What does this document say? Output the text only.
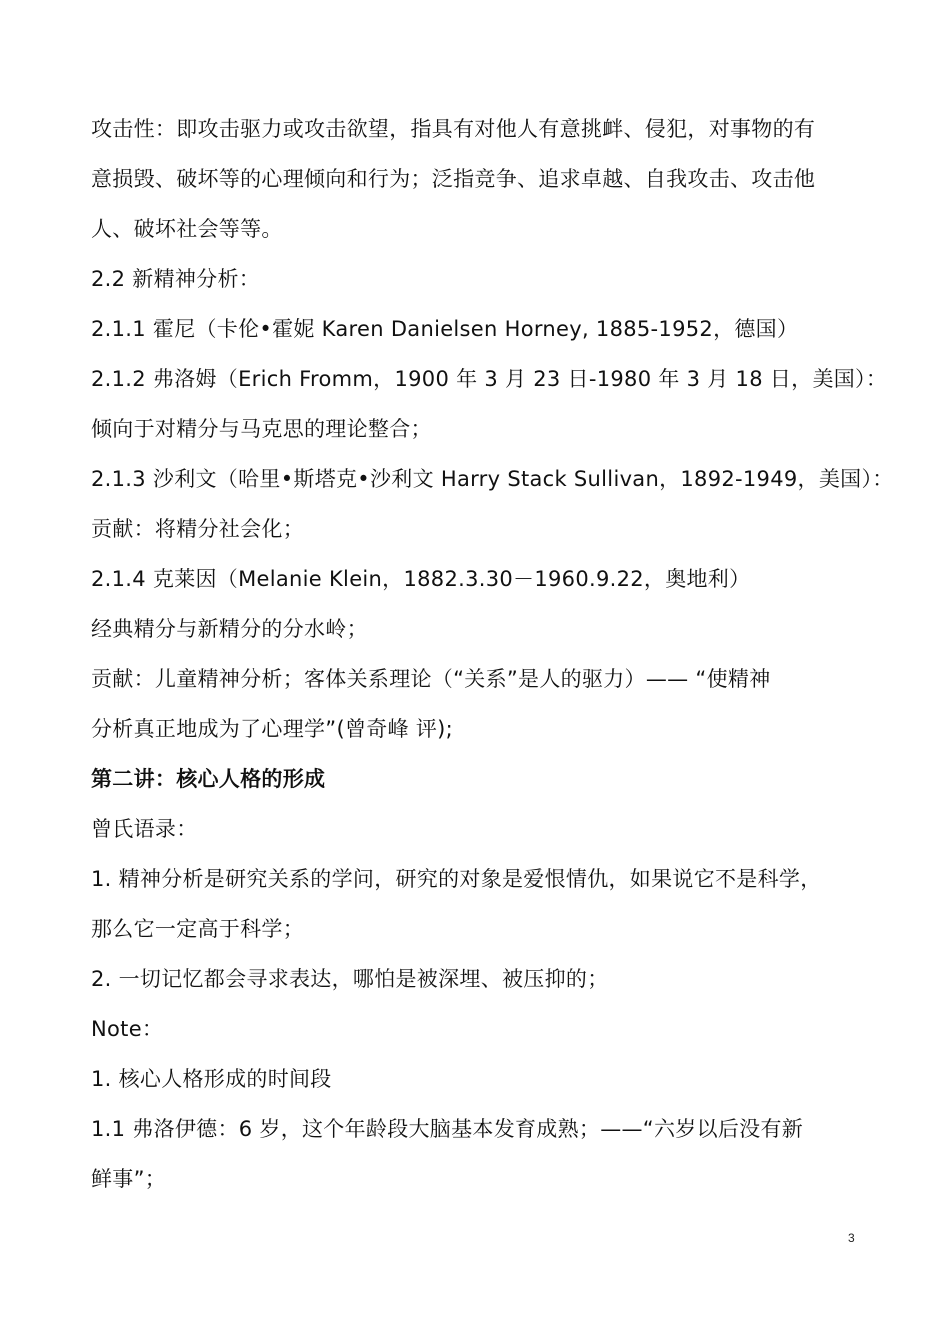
攻击性：即攻击驱力或攻击欲望，指具有对他人有意挑衅、侵犯，对事物的有
意损毁、破坏等的心理倾向和行为；泛指竞争、追求卓越、自我攻击、攻击他
人、破坏社会等等。
2.2 新精神分析：
2.1.1 霍尼（卡伦•霍妮 Karen Danielsen Horney, 1885-1952，德国）
2.1.2 弗洛姆（Erich Fromm，1900 年 3 月 23 日-1980 年 3 月 18 日，美国）：
倾向于对精分与马克思的理论整合；
2.1.3 沙利文（哈里•斯塔克•沙利文 Harry Stack Sullivan，1892-1949，美国）：
贡献：将精分社会化；
2.1.4 克莱因（Melanie Klein，1882.3.30－1960.9.22，奥地利）
经典精分与新精分的分水岭；
贡献：儿童精神分析；客体关系理论（“关系”是人的驱力）—— “使精神
分析真正地成为了心理学”(曾奇峰 评);
第二讲：核心人格的形成
曾氏语录：
1. 精神分析是研究关系的学问，研究的对象是爱恨情仇，如果说它不是科学，
那么它一定高于科学；
2. 一切记忆都会寻求表达，哪怕是被深埋、被压抑的；
Note：
1. 核心人格形成的时间段
1.1 弗洛伊德：6 岁，这个年龄段大脑基本发育成熟；——“六岁以后没有新
鲜事”；
3
